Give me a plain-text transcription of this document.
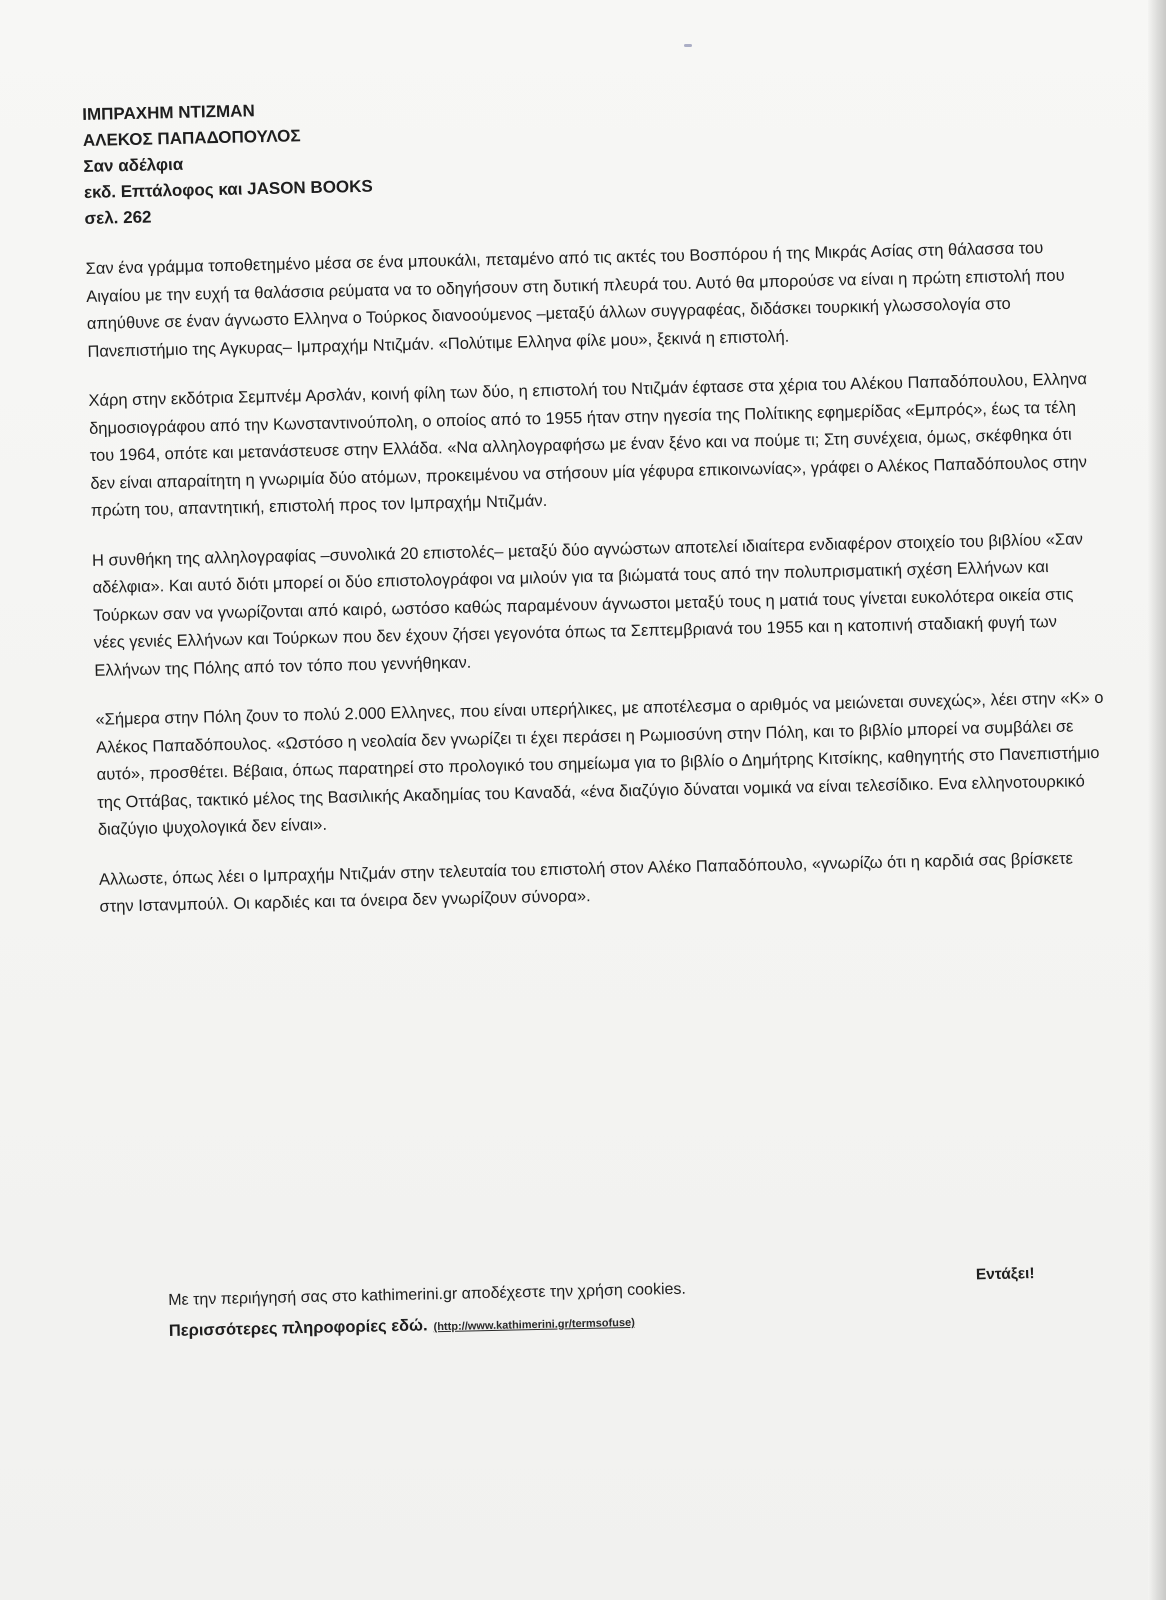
ΙΜΠΡΑΧΗΜ ΝΤΙΖΜΑΝ

ΑΛΕΚΟΣ ΠΑΠΑΔΟΠΟΥΛΟΣ

Σαν αδέλφια

εκδ. Επτάλοφος και JASON BOOKS

σελ. 262

Σαν ένα γράμμα τοποθετημένο μέσα σε ένα μπουκάλι, πεταμένο από τις ακτές του Βοσπόρου ή της Μικράς Ασίας στη θάλασσα του Αιγαίου με την ευχή τα θαλάσσια ρεύματα να το οδηγήσουν στη δυτική πλευρά του. Αυτό θα μπορούσε να είναι η πρώτη επιστολή που απηύθυνε σε έναν άγνωστο Ελληνα ο Τούρκος διανοούμενος –μεταξύ άλλων συγγραφέας, διδάσκει τουρκική γλωσσολογία στο Πανεπιστήμιο της Αγκυρας– Ιμπραχήμ Ντιζμάν. «Πολύτιμε Ελληνα φίλε μου», ξεκινά η επιστολή.

Χάρη στην εκδότρια Σεμπνέμ Αρσλάν, κοινή φίλη των δύο, η επιστολή του Ντιζμάν έφτασε στα χέρια του Αλέκου Παπαδόπουλου, Ελληνα δημοσιογράφου από την Κωνσταντινούπολη, ο οποίος από το 1955 ήταν στην ηγεσία της Πολίτικης εφημερίδας «Εμπρός», έως τα τέλη του 1964, οπότε και μετανάστευσε στην Ελλάδα. «Να αλληλογραφήσω με έναν ξένο και να πούμε τι; Στη συνέχεια, όμως, σκέφθηκα ότι δεν είναι απαραίτητη η γνωριμία δύο ατόμων, προκειμένου να στήσουν μία γέφυρα επικοινωνίας», γράφει ο Αλέκος Παπαδόπουλος στην πρώτη του, απαντητική, επιστολή προς τον Ιμπραχήμ Ντιζμάν.

Η συνθήκη της αλληλογραφίας –συνολικά 20 επιστολές– μεταξύ δύο αγνώστων αποτελεί ιδιαίτερα ενδιαφέρον στοιχείο του βιβλίου «Σαν αδέλφια». Και αυτό διότι μπορεί οι δύο επιστολογράφοι να μιλούν για τα βιώματά τους από την πολυπρισματική σχέση Ελλήνων και Τούρκων σαν να γνωρίζονται από καιρό, ωστόσο καθώς παραμένουν άγνωστοι μεταξύ τους η ματιά τους γίνεται ευκολότερα οικεία στις νέες γενιές Ελλήνων και Τούρκων που δεν έχουν ζήσει γεγονότα όπως τα Σεπτεμβριανά του 1955 και η κατοπινή σταδιακή φυγή των Ελλήνων της Πόλης από τον τόπο που γεννήθηκαν.

«Σήμερα στην Πόλη ζουν το πολύ 2.000 Ελληνες, που είναι υπερήλικες, με αποτέλεσμα ο αριθμός να μειώνεται συνεχώς», λέει στην «Κ» ο Αλέκος Παπαδόπουλος. «Ωστόσο η νεολαία δεν γνωρίζει τι έχει περάσει η Ρωμιοσύνη στην Πόλη, και το βιβλίο μπορεί να συμβάλει σε αυτό», προσθέτει. Βέβαια, όπως παρατηρεί στο προλογικό του σημείωμα για το βιβλίο ο Δημήτρης Κιτσίκης, καθηγητής στο Πανεπιστήμιο της Οττάβας, τακτικό μέλος της Βασιλικής Ακαδημίας του Καναδά, «ένα διαζύγιο δύναται νομικά να είναι τελεσίδικο. Ενα ελληνοτουρκικό διαζύγιο ψυχολογικά δεν είναι».

Αλλωστε, όπως λέει ο Ιμπραχήμ Ντιζμάν στην τελευταία του επιστολή στον Αλέκο Παπαδόπουλο, «γνωρίζω ότι η καρδιά σας βρίσκετε στην Ιστανμπούλ. Οι καρδιές και τα όνειρα δεν γνωρίζουν σύνορα».

Με την περιήγησή σας στο kathimerini.gr αποδέχεστε την χρήση cookies.

Περισσότερες πληροφορίες εδώ. (http://www.kathimerini.gr/termsofuse)
Εντάξει!
